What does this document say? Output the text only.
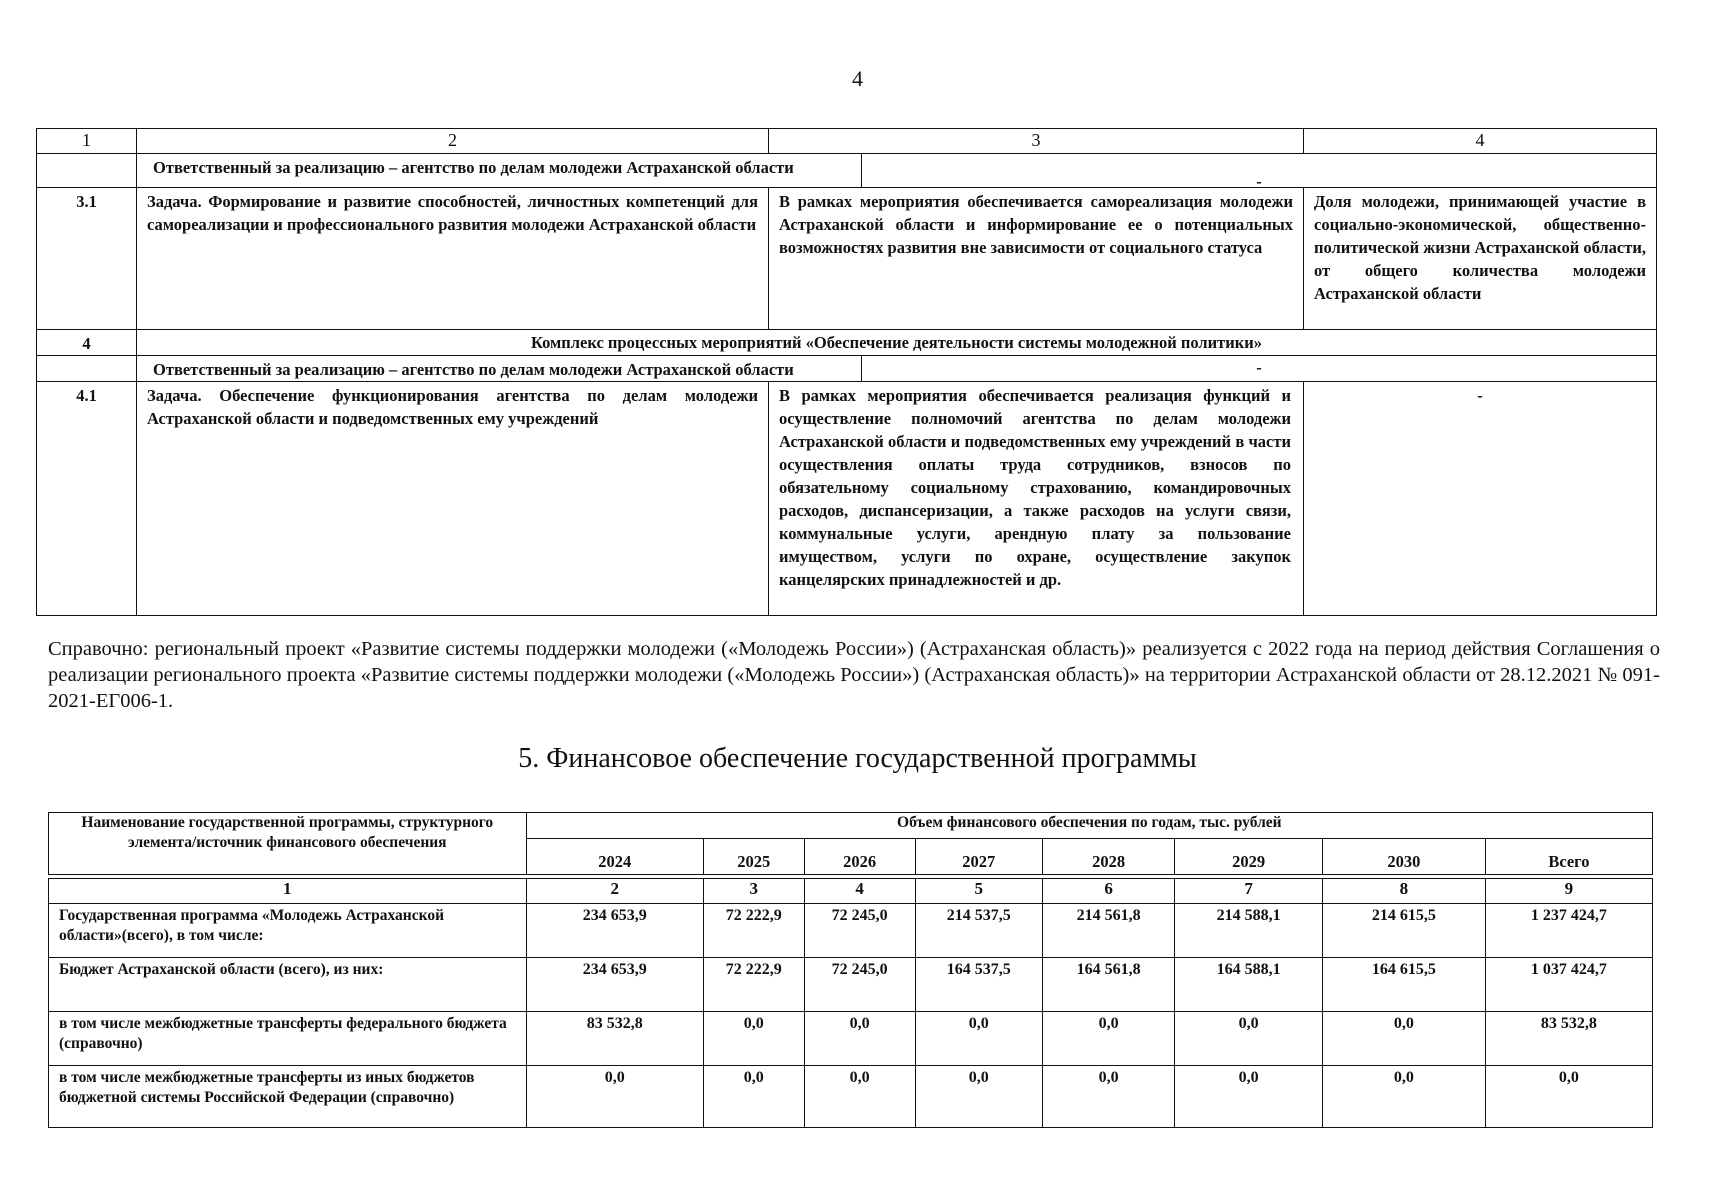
4
1	2	3		4
	Ответственный за реализацию – агентство по делам молодежи Астраханской области		-	

3.1	Задача. Формирование и развитие способностей, личностных компетенций для самореализации и профессионального развития молодежи Астраханской области	В рамках мероприятия обеспечивается самореализация молодежи Астраханской области и информирование ее о потенциальных возможностях развития вне зависимости от социального статуса		Доля молодежи, принимающей участие в социально-экономической, общественно-политической жизни Астраханской области, от общего количества молодежи Астраханской области
4	Комплекс процессных мероприятий «Обеспечение деятельности системы молодежной политики»			
	Ответственный за реализацию – агентство по делам молодежи Астраханской области		-	
4.1	Задача. Обеспечение функционирования агентства по делам молодежи Астраханской области и подведомственных ему учреждений	В рамках мероприятия обеспечивается реализация функций и осуществление полномочий агентства по делам молодежи Астраханской области и подведомственных ему учреждений в части осуществления оплаты труда сотрудников, взносов по обязательному социальному страхованию, командировочных расходов, диспансеризации, а также расходов на услуги связи, коммунальные услуги, арендную плату за пользование имуществом, услуги по охране, осуществление закупок канцелярских принадлежностей и др.		-
Справочно: региональный проект «Развитие системы поддержки молодежи («Молодежь России») (Астраханская область)» реализуется с 2022 года на период действия Соглашения о реализации регионального проекта «Развитие системы поддержки молодежи («Молодежь России») (Астраханская область)» на территории Астраханской области от 28.12.2021 № 091-2021-ЕГ006-1.
5. Финансовое обеспечение государственной программы
Наименование государственной программы, структурного элемента/источник финансового обеспечения	Объем финансового обеспечения по годам, тыс. рублей							
	2024	2025	2026	2027	2028	2029	2030	Всего

1	2	3	4	5	6	7	8	9
Государственная программа «Молодежь Астраханской области»(всего), в том числе:	234 653,9	72 222,9	72 245,0	214 537,5	214 561,8	214 588,1	214 615,5	1 237 424,7
Бюджет Астраханской области (всего), из них:	234 653,9	72 222,9	72 245,0	164 537,5	164 561,8	164 588,1	164 615,5	1 037 424,7
в том числе межбюджетные трансферты федерального бюджета (справочно)	83 532,8	0,0	0,0	0,0	0,0	0,0	0,0	83 532,8
в том числе межбюджетные трансферты из иных бюджетов бюджетной системы Российской Федерации (справочно)	0,0	0,0	0,0	0,0	0,0	0,0	0,0	0,0
